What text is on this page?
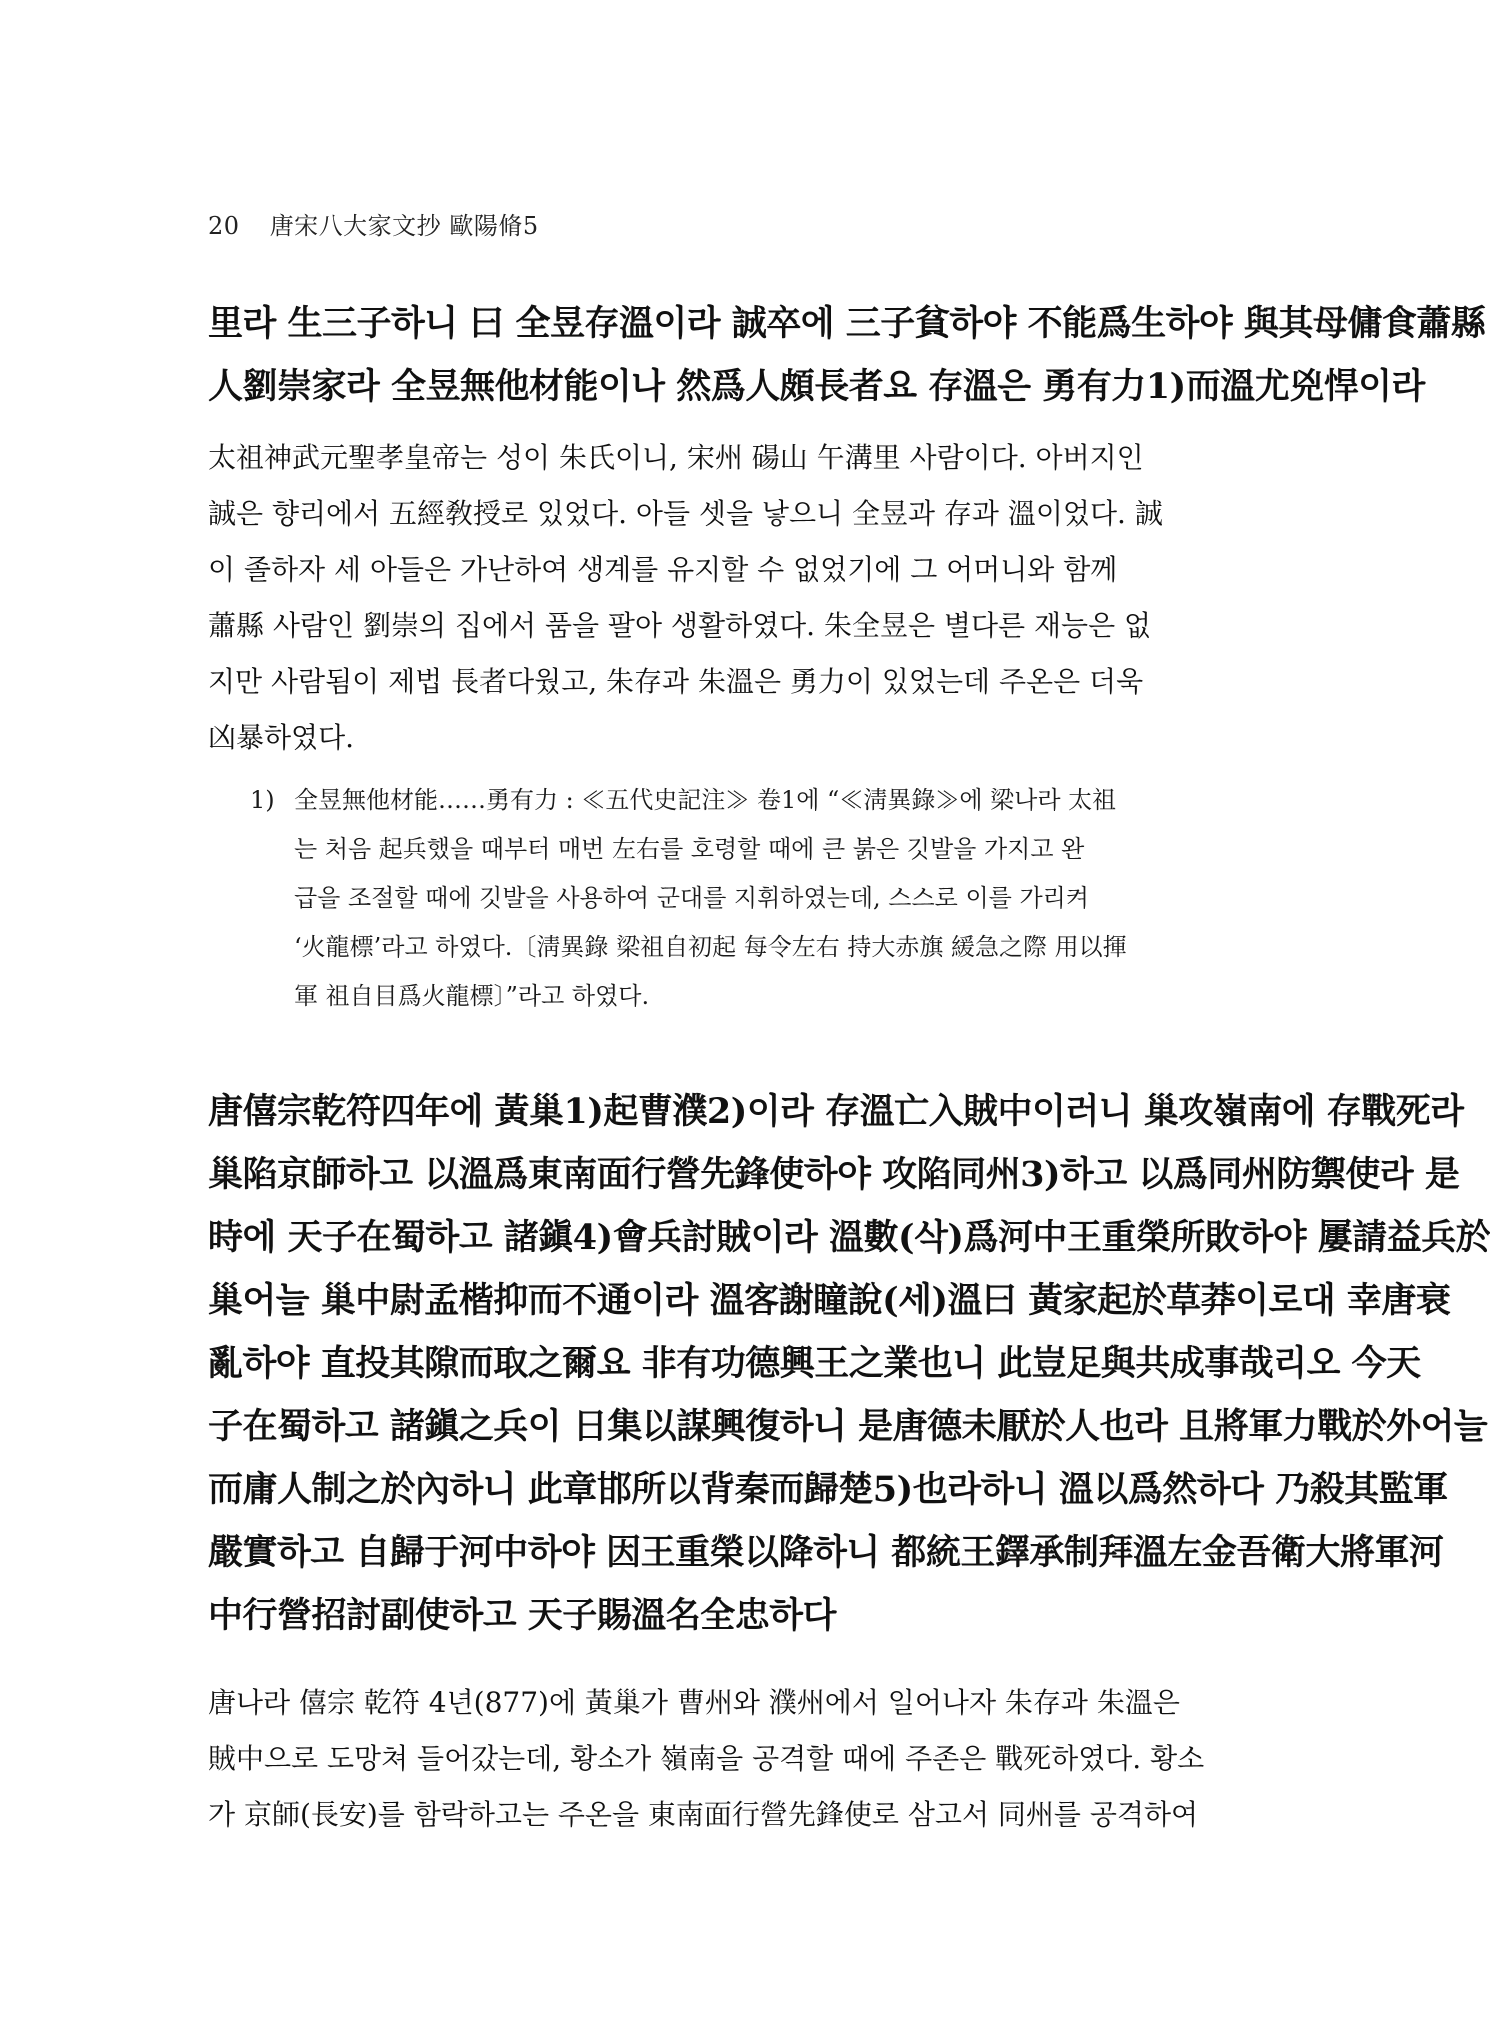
20 唐宋八大家文抄 歐陽脩5
里라 生三子하니 曰 全昱存溫이라 誠卒에 三子貧하야 不能爲生하야 與其母傭食蕭縣
人劉崇家라 全昱無他材能이나 然爲人頗長者요 存溫은 勇有力1)而溫尤兇悍이라
太祖神武元聖孝皇帝는 성이 朱氏이니, 宋州 碭山 午溝里 사람이다. 아버지인
誠은 향리에서 五經敎授로 있었다. 아들 셋을 낳으니 全昱과 存과 溫이었다. 誠
이 졸하자 세 아들은 가난하여 생계를 유지할 수 없었기에 그 어머니와 함께
蕭縣 사람인 劉崇의 집에서 품을 팔아 생활하였다. 朱全昱은 별다른 재능은 없
지만 사람됨이 제법 長者다웠고, 朱存과 朱溫은 勇力이 있었는데 주온은 더욱
凶暴하였다.
1) 全昱無他材能……勇有力 : ≪五代史記注≫ 卷1에 “≪淸異錄≫에 梁나라 太祖
는 처음 起兵했을 때부터 매번 左右를 호령할 때에 큰 붉은 깃발을 가지고 완
급을 조절할 때에 깃발을 사용하여 군대를 지휘하였는데, 스스로 이를 가리켜
‘火龍標’라고 하였다.〔淸異錄 梁祖自初起 每令左右 持大赤旗 緩急之際 用以揮
軍 祖自目爲火龍標〕”라고 하였다.
唐僖宗乾符四年에 黃巢1)起曹濮2)이라 存溫亡入賊中이러니 巢攻嶺南에 存戰死라
巢陷京師하고 以溫爲東南面行營先鋒使하야 攻陷同州3)하고 以爲同州防禦使라 是
時에 天子在蜀하고 諸鎭4)會兵討賊이라 溫數(삭)爲河中王重榮所敗하야 屢請益兵於
巢어늘 巢中尉孟楷抑而不通이라 溫客謝瞳說(세)溫曰 黃家起於草莽이로대 幸唐衰
亂하야 直投其隙而取之爾요 非有功德興王之業也니 此豈足與共成事哉리오 今天
子在蜀하고 諸鎭之兵이 日集以謀興復하니 是唐德未厭於人也라 且將軍力戰於外어늘
而庸人制之於內하니 此章邯所以背秦而歸楚5)也라하니 溫以爲然하다 乃殺其監軍
嚴實하고 自歸于河中하야 因王重榮以降하니 都統王鐸承制拜溫左金吾衛大將軍河
中行營招討副使하고 天子賜溫名全忠하다
唐나라 僖宗 乾符 4년(877)에 黃巢가 曹州와 濮州에서 일어나자 朱存과 朱溫은
賊中으로 도망쳐 들어갔는데, 황소가 嶺南을 공격할 때에 주존은 戰死하였다. 황소
가 京師(長安)를 함락하고는 주온을 東南面行營先鋒使로 삼고서 同州를 공격하여
